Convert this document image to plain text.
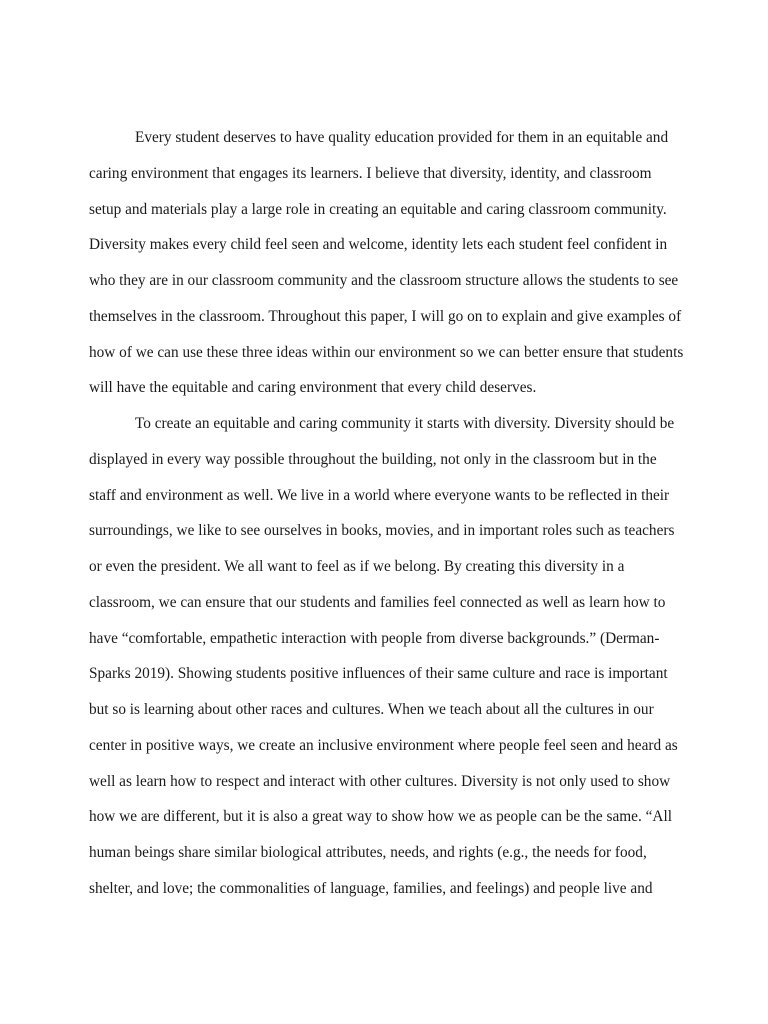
Every student deserves to have quality education provided for them in an equitable and
caring environment that engages its learners. I believe that diversity, identity, and classroom
setup and materials play a large role in creating an equitable and caring classroom community.
Diversity makes every child feel seen and welcome, identity lets each student feel confident in
who they are in our classroom community and the classroom structure allows the students to see
themselves in the classroom. Throughout this paper, I will go on to explain and give examples of
how of we can use these three ideas within our environment so we can better ensure that students
will have the equitable and caring environment that every child deserves.
To create an equitable and caring community it starts with diversity. Diversity should be
displayed in every way possible throughout the building, not only in the classroom but in the
staff and environment as well. We live in a world where everyone wants to be reflected in their
surroundings, we like to see ourselves in books, movies, and in important roles such as teachers
or even the president. We all want to feel as if we belong. By creating this diversity in a
classroom, we can ensure that our students and families feel connected as well as learn how to
have “comfortable, empathetic interaction with people from diverse backgrounds.” (Derman-
Sparks 2019). Showing students positive influences of their same culture and race is important
but so is learning about other races and cultures. When we teach about all the cultures in our
center in positive ways, we create an inclusive environment where people feel seen and heard as
well as learn how to respect and interact with other cultures. Diversity is not only used to show
how we are different, but it is also a great way to show how we as people can be the same. “All
human beings share similar biological attributes, needs, and rights (e.g., the needs for food,
shelter, and love; the commonalities of language, families, and feelings) and people live and
